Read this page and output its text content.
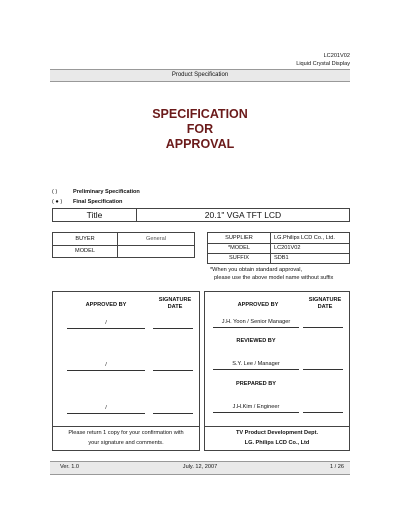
LC201V02
Liquid Crystal Display
Product Specification
SPECIFICATION
FOR
APPROVAL
( )	Preliminary Specification
( ● ) Final Specification
Title	20.1" VGA TFT LCD
BUYER	General
MODEL
SUPPLIER	LG.Philips LCD Co., Ltd.
*MODEL	LC201V02
SUFFIX	SDB1
*When you obtain standard approval,
please use the above model name without suffix
APPROVED BY
SIGNATURE
DATE
/
/
/
Please return 1 copy for your confirmation with
your signature and comments.
APPROVED BY
SIGNATURE
DATE
J.H. Yoon / Senior Manager
REVIEWED BY
S.Y. Lee / Manager
PREPARED BY
J.H.Kim / Engineer
TV Product Development Dept.
LG. Philips LCD Co., Ltd
Ver. 1.0	July. 12, 2007	1 / 26
